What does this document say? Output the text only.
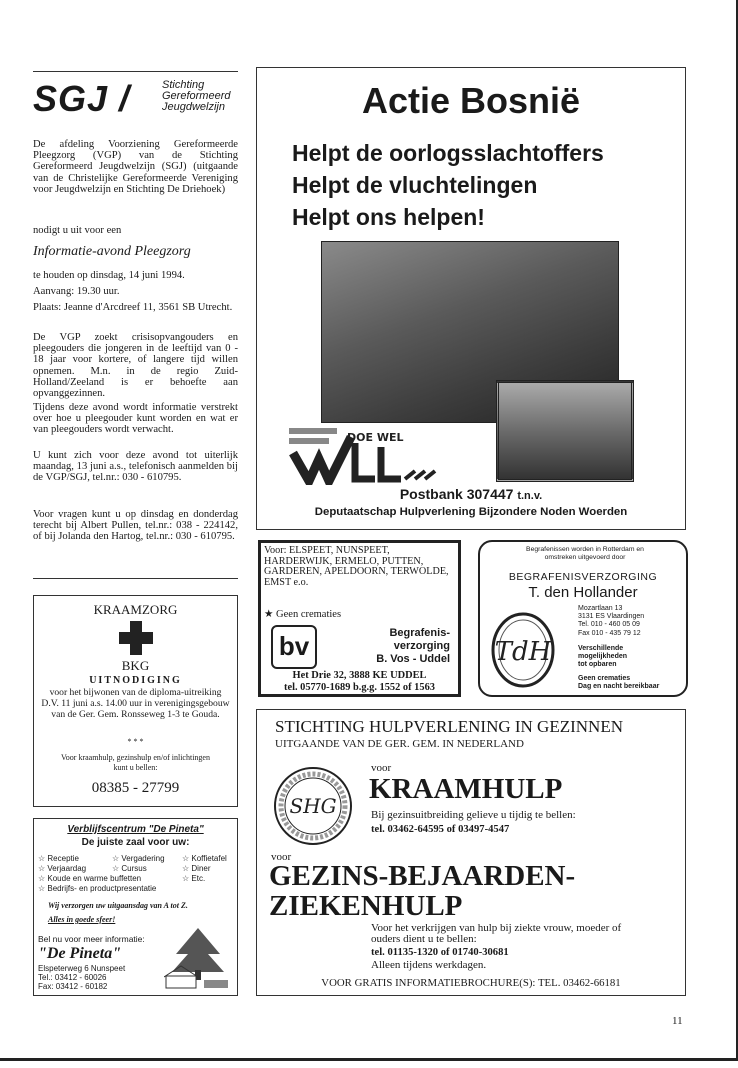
SGJ /	Stichting
Gereformeerd
Jeugdwelzijn

De afdeling Voorziening Gereformeerde Pleegzorg (VGP) van de Stichting Gereformeerd Jeugdwelzijn (SGJ) (uitgaande van de Christelijke Gereformeerde Vereniging voor Jeugdwelzijn en Stichting De Driehoek)

nodigt u uit voor een

Informatie-avond Pleegzorg

te houden op dinsdag, 14 juni 1994.

Aanvang: 19.30 uur.

Plaats: Jeanne d'Arcdreef 11, 3561 SB Utrecht.

De VGP zoekt crisisopvangouders en pleegouders die jongeren in de leeftijd van 0 - 18 jaar voor kortere, of langere tijd willen opnemen. M.n. in de regio Zuid-Holland/Zeeland is er behoefte aan opvanggezinnen.

Tijdens deze avond wordt informatie verstrekt over hoe u pleegouder kunt worden en wat er van pleegouders wordt verwacht.

U kunt zich voor deze avond tot uiterlijk maandag, 13 juni a.s., telefonisch aanmelden bij de VGP/SGJ, tel.nr.: 030 - 610795.

Voor vragen kunt u op dinsdag en donderdag terecht bij Albert Pullen, tel.nr.: 038 - 224142, of bij Jolanda den Hartog, tel.nr.: 030 - 610795.

KRAAMZORG
BKG
UITNODIGING
voor het bijwonen van de diploma-uitreiking D.V. 11 juni a.s. 14.00 uur in verenigingsgebouw van de Ger. Gem. Ronsseweg 1-3 te Gouda.
* * *
Voor kraamhulp, gezinshulp en/of inlichtingen kunt u bellen:
08385 - 27799
Verblijfscentrum "De Pineta"
De juiste zaal voor uw:
☆ Receptie
☆ Verjaardag
☆ Koude en warme buffetten
☆ Bedrijfs- en productpresentatie
☆ Vergadering
☆ Cursus
☆ Koffietafel
☆ Diner
☆ Etc.
Wij verzorgen uw uitgaansdag van A tot Z.
Alles in goede sfeer!
Bel nu voor meer informatie:
"De Pineta"
Elspeterweg 6 Nunspeet
Tel.: 03412 - 60026
Fax: 03412 - 60182
Actie Bosnië
Helpt de oorlogsslachtoffers
Helpt de vluchtelingen
Helpt ons helpen!
DOE WEL
Postbank 307447 t.n.v.
Deputaatschap Hulpverlening Bijzondere Noden Woerden
Voor: ELSPEET, NUNSPEET, HARDERWIJK, ERMELO, PUTTEN, GARDEREN, APELDOORN, TERWOLDE, EMST e.o.
★ Geen crematies
bv	Begrafenis-
verzorging
B. Vos - Uddel
Het Drie 32, 3888 KE UDDEL
tel. 05770-1689 b.g.g. 1552 of 1563
Begrafenissen worden in Rotterdam en omstreken uitgevoerd door
BEGRAFENISVERZORGING
T. den Hollander
TdH
Mozartlaan 13
3131 ES Vlaardingen
Tel. 010 - 460 05 09
Fax 010 - 435 79 12
Verschillende
mogelijkheden
tot opbaren
Geen crematies
Dag en nacht bereikbaar
STICHTING HULPVERLENING IN GEZINNEN
UITGAANDE VAN DE GER. GEM. IN NEDERLAND
SHG
voor
KRAAMHULP
Bij gezinsuitbreiding gelieve u tijdig te bellen:
tel. 03462-64595 of 03497-4547
voor
GEZINS-BEJAARDEN-
ZIEKENHULP
Voor het verkrijgen van hulp bij ziekte vrouw, moeder of ouders dient u te bellen:
tel. 01135-1320 of 01740-30681
Alleen tijdens werkdagen.
VOOR GRATIS INFORMATIEBROCHURE(S): TEL. 03462-66181
11
